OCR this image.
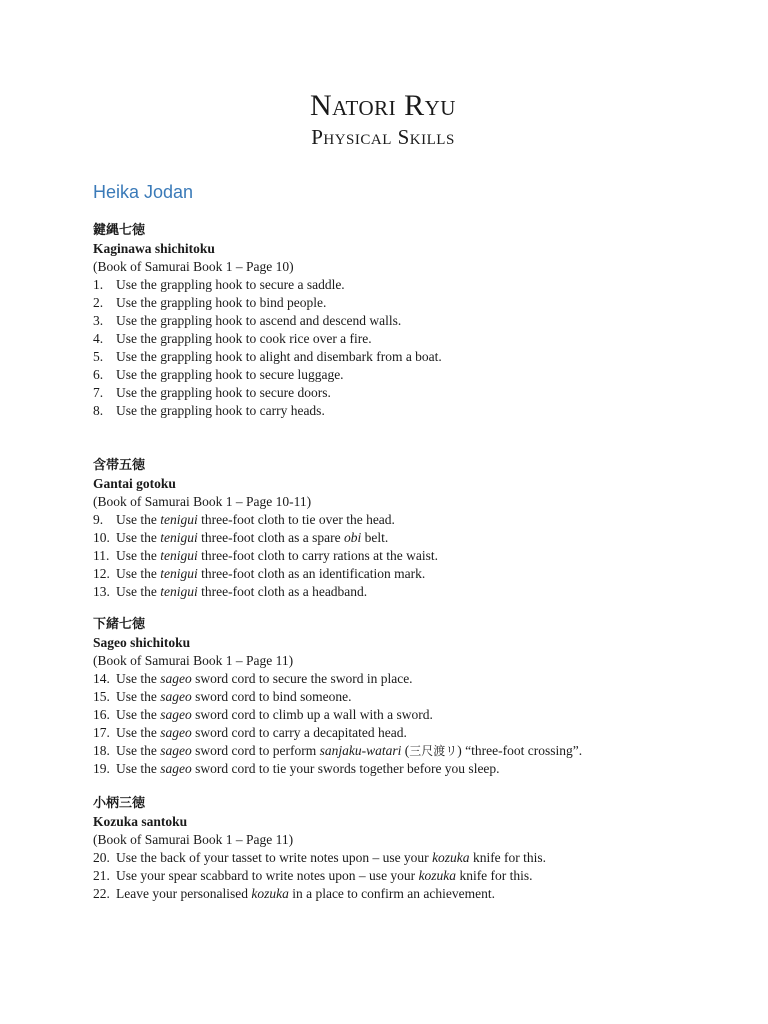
Natori Ryu
Physical Skills
Heika Jodan
鍵縄七徳
Kaginawa shichitoku
(Book of Samurai Book 1 – Page 10)
1. Use the grappling hook to secure a saddle.
2. Use the grappling hook to bind people.
3. Use the grappling hook to ascend and descend walls.
4. Use the grappling hook to cook rice over a fire.
5. Use the grappling hook to alight and disembark from a boat.
6. Use the grappling hook to secure luggage.
7. Use the grappling hook to secure doors.
8. Use the grappling hook to carry heads.
含帯五徳
Gantai gotoku
(Book of Samurai Book 1 – Page 10-11)
9. Use the tenigui three-foot cloth to tie over the head.
10. Use the tenigui three-foot cloth as a spare obi belt.
11. Use the tenigui three-foot cloth to carry rations at the waist.
12. Use the tenigui three-foot cloth as an identification mark.
13. Use the tenigui three-foot cloth as a headband.
下緒七徳
Sageo shichitoku
(Book of Samurai Book 1 – Page 11)
14. Use the sageo sword cord to secure the sword in place.
15. Use the sageo sword cord to bind someone.
16. Use the sageo sword cord to climb up a wall with a sword.
17. Use the sageo sword cord to carry a decapitated head.
18. Use the sageo sword cord to perform sanjaku-watari (三尺渡リ) “three-foot crossing”.
19. Use the sageo sword cord to tie your swords together before you sleep.
小柄三徳
Kozuka santoku
(Book of Samurai Book 1 – Page 11)
20. Use the back of your tasset to write notes upon – use your kozuka knife for this.
21. Use your spear scabbard to write notes upon – use your kozuka knife for this.
22. Leave your personalised kozuka in a place to confirm an achievement.
